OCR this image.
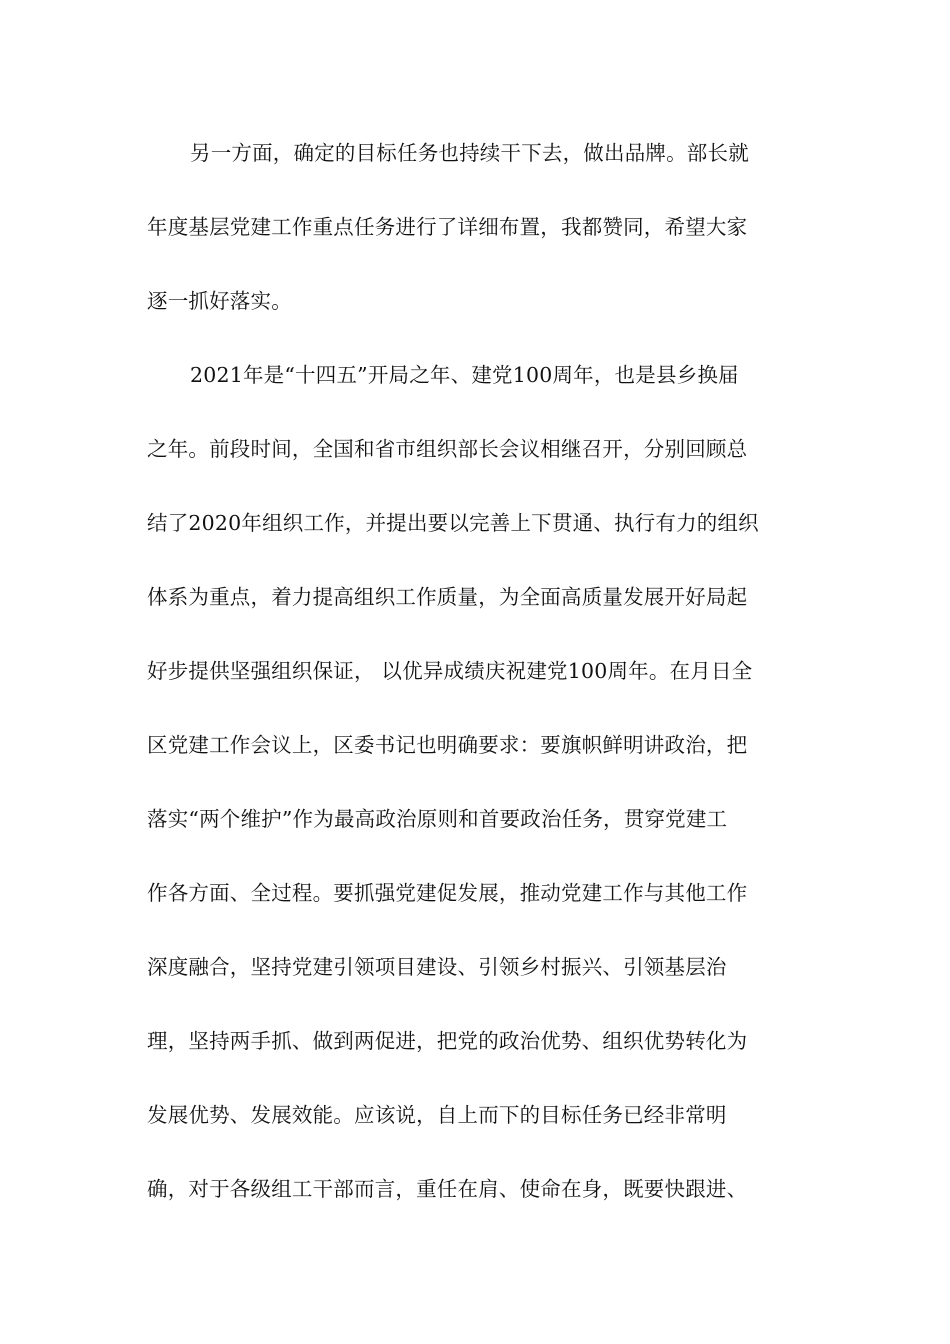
另一方面，确定的目标任务也持续干下去，做出品牌。部长就
年度基层党建工作重点任务进行了详细布置，我都赞同，希望大家
逐一抓好落实。
2021年是“十四五”开局之年、建党100周年，也是县乡换届
之年。前段时间，全国和省市组织部长会议相继召开，分别回顾总
结了2020年组织工作，并提出要以完善上下贯通、执行有力的组织
体系为重点，着力提高组织工作质量，为全面高质量发展开好局起
好步提供坚强组织保证， 以优异成绩庆祝建党100周年。在月日全
区党建工作会议上，区委书记也明确要求：要旗帜鲜明讲政治，把
落实“两个维护”作为最高政治原则和首要政治任务，贯穿党建工
作各方面、全过程。要抓强党建促发展，推动党建工作与其他工作
深度融合，坚持党建引领项目建设、引领乡村振兴、引领基层治
理，坚持两手抓、做到两促进，把党的政治优势、组织优势转化为
发展优势、发展效能。应该说，自上而下的目标任务已经非常明
确，对于各级组工干部而言，重任在肩、使命在身，既要快跟进、
